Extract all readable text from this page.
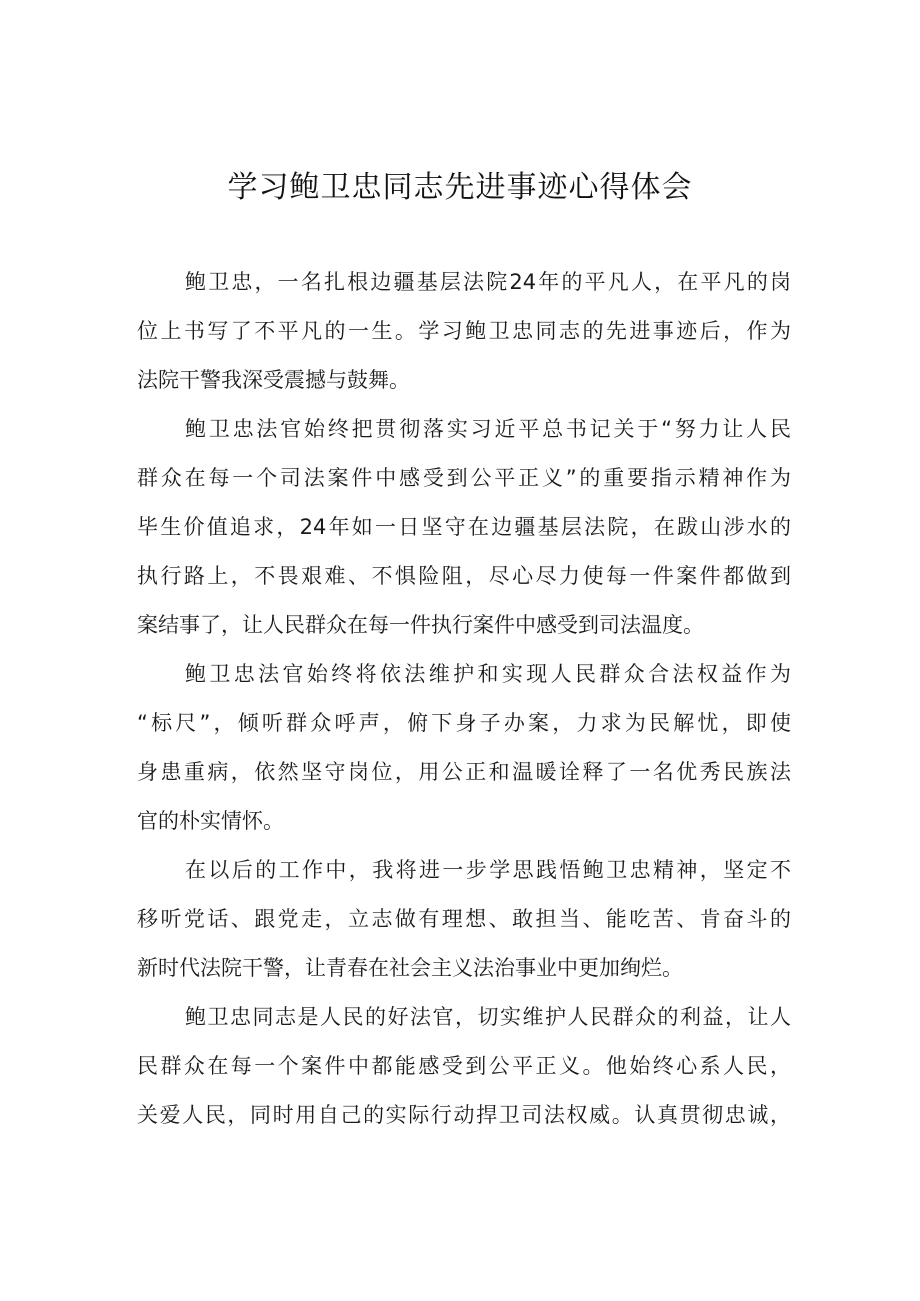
学习鲍卫忠同志先进事迹心得体会
鲍卫忠，一名扎根边疆基层法院24年的平凡人，在平凡的岗
位上书写了不平凡的一生。学习鲍卫忠同志的先进事迹后，作为
法院干警我深受震撼与鼓舞。
鲍卫忠法官始终把贯彻落实习近平总书记关于“努力让人民
群众在每一个司法案件中感受到公平正义”的重要指示精神作为
毕生价值追求，24年如一日坚守在边疆基层法院，在跋山涉水的
执行路上，不畏艰难、不惧险阻，尽心尽力使每一件案件都做到
案结事了，让人民群众在每一件执行案件中感受到司法温度。
鲍卫忠法官始终将依法维护和实现人民群众合法权益作为
“标尺”，倾听群众呼声，俯下身子办案，力求为民解忧，即使
身患重病，依然坚守岗位，用公正和温暖诠释了一名优秀民族法
官的朴实情怀。
在以后的工作中，我将进一步学思践悟鲍卫忠精神，坚定不
移听党话、跟党走，立志做有理想、敢担当、能吃苦、肯奋斗的
新时代法院干警，让青春在社会主义法治事业中更加绚烂。
鲍卫忠同志是人民的好法官，切实维护人民群众的利益，让人
民群众在每一个案件中都能感受到公平正义。他始终心系人民，
关爱人民，同时用自己的实际行动捍卫司法权威。认真贯彻忠诚，
